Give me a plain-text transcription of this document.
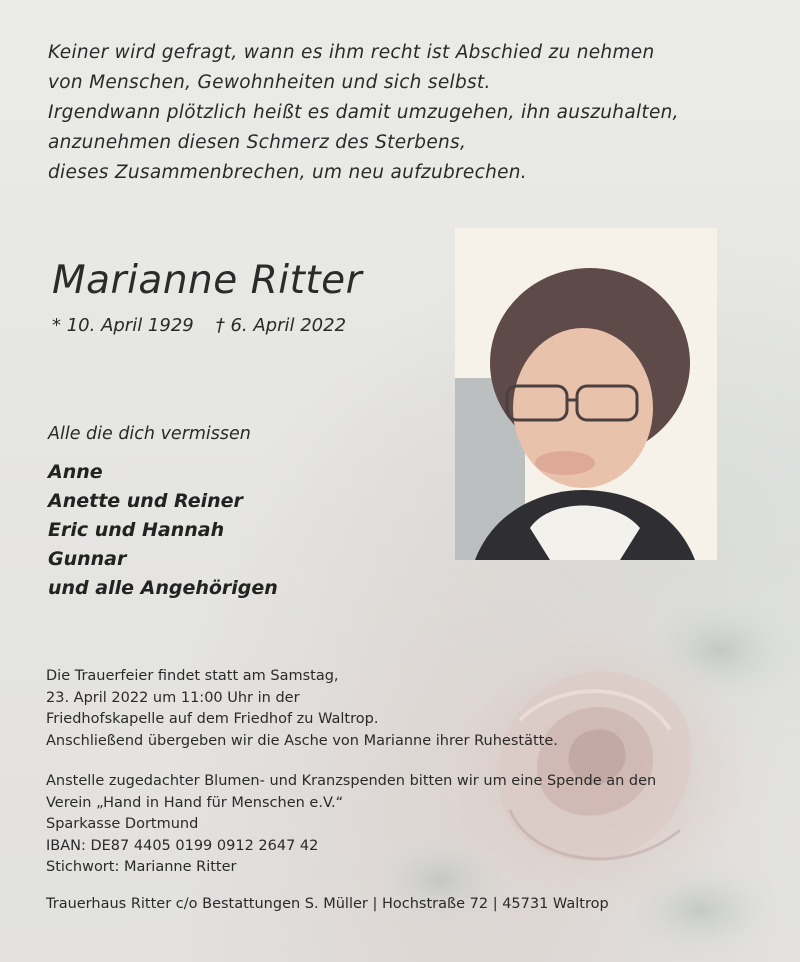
Keiner wird gefragt, wann es ihm recht ist Abschied zu nehmen
von Menschen, Gewohnheiten und sich selbst.
Irgendwann plötzlich heißt es damit umzugehen, ihn auszuhalten,
anzunehmen diesen Schmerz des Sterbens,
dieses Zusammenbrechen, um neu aufzubrechen.
Marianne Ritter
* 10. April 1929 † 6. April 2022
Alle die dich vermissen
Anne
Anette und Reiner
Eric und Hannah
Gunnar
und alle Angehörigen
Die Trauerfeier findet statt am Samstag,
23. April 2022 um 11:00 Uhr in der
Friedhofskapelle auf dem Friedhof zu Waltrop.
Anschließend übergeben wir die Asche von Marianne ihrer Ruhestätte.
Anstelle zugedachter Blumen- und Kranzspenden bitten wir um eine Spende an den
Verein „Hand in Hand für Menschen e.V.“
Sparkasse Dortmund
IBAN: DE87 4405 0199 0912 2647 42
Stichwort: Marianne Ritter
Trauerhaus Ritter c/o Bestattungen S. Müller | Hochstraße 72 | 45731 Waltrop
